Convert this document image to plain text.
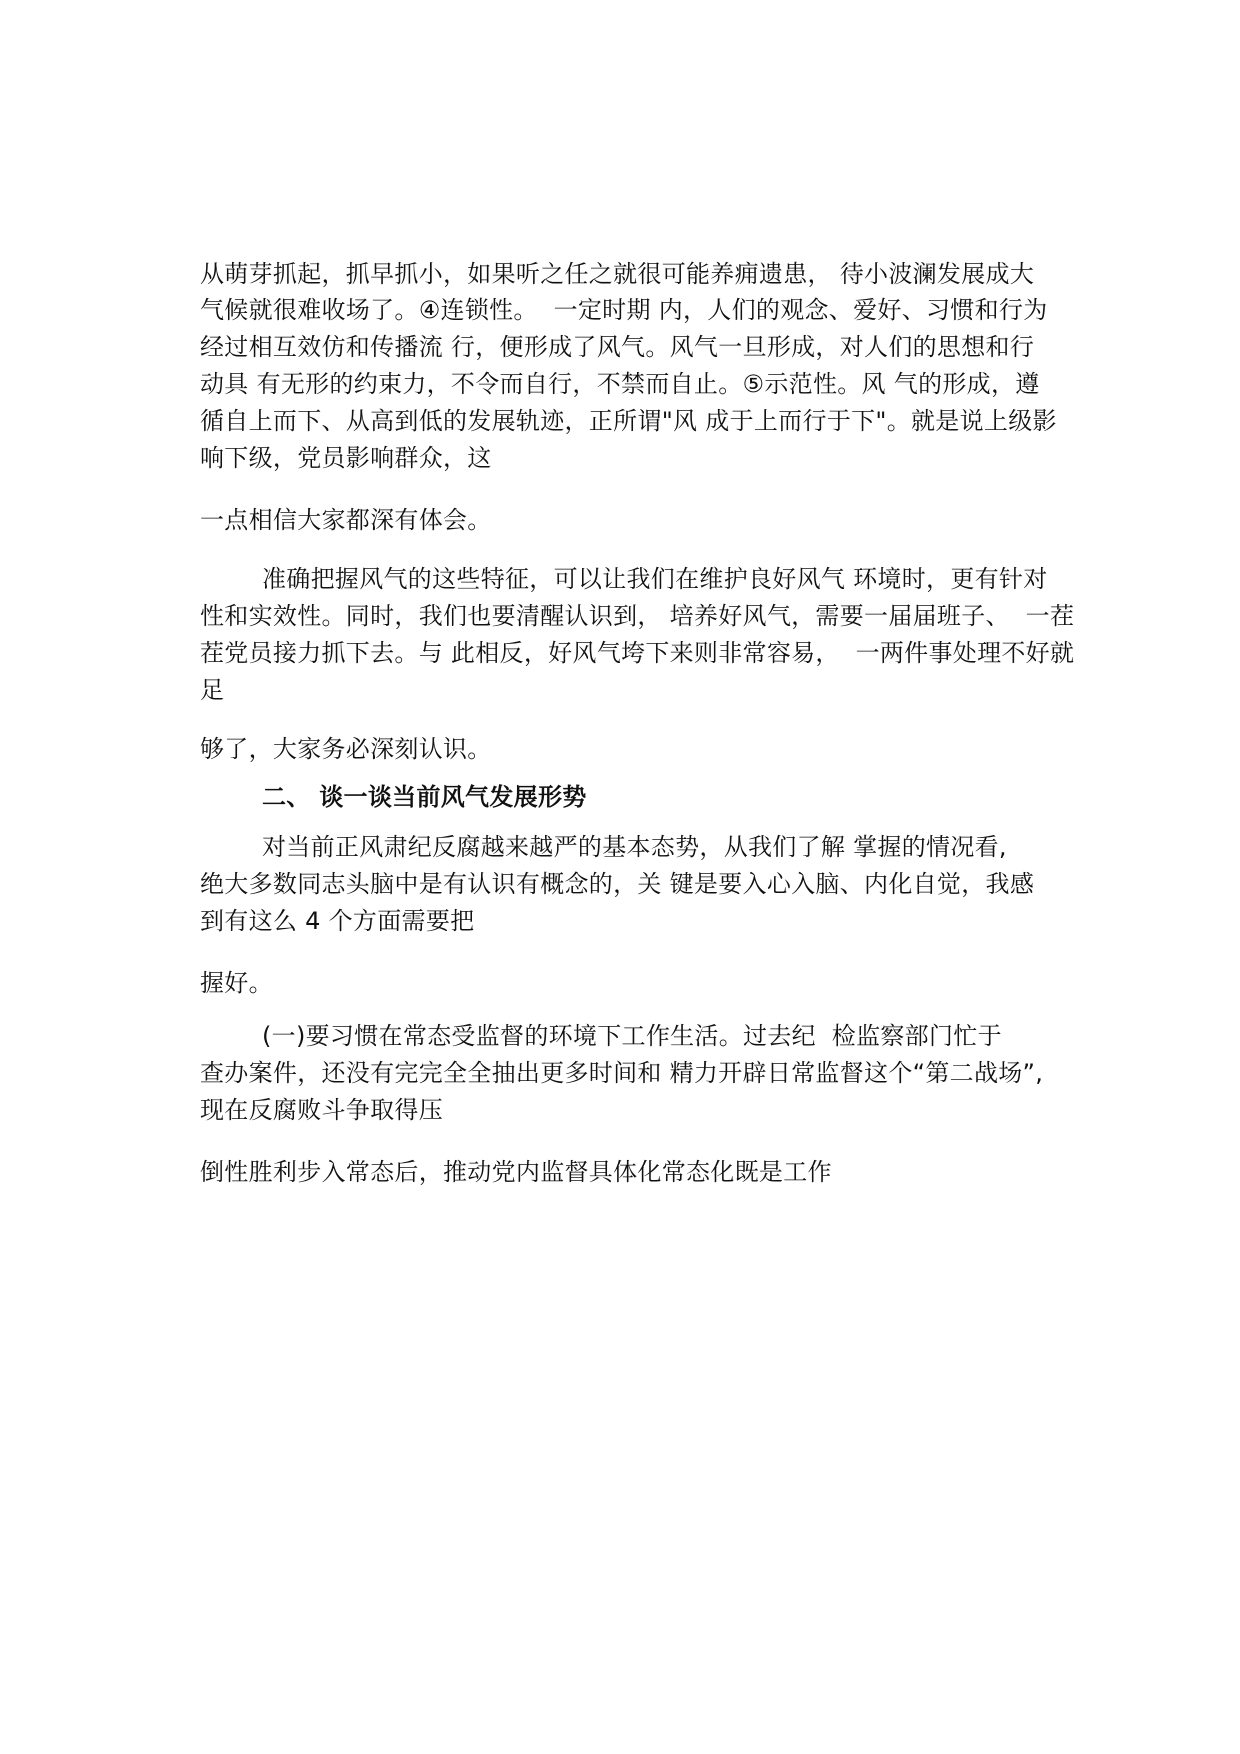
从萌芽抓起，抓早抓小，如果听之任之就很可能养痈遗患， 待小波澜发展成大
气候就很难收场了。④连锁性。  一定时期 内，人们的观念、爱好、习惯和行为
经过相互效仿和传播流 行，便形成了风气。风气一旦形成，对人们的思想和行
动具 有无形的约束力，不令而自行，不禁而自止。⑤示范性。风 气的形成，遵
循自上而下、从高到低的发展轨迹，正所谓"风 成于上而行于下"。就是说上级影
响下级，党员影响群众，这
一点相信大家都深有体会。
准确把握风气的这些特征，可以让我们在维护良好风气 环境时，更有针对
性和实效性。同时，我们也要清醒认识到， 培养好风气，需要一届届班子、  一茬
茬党员接力抓下去。与 此相反，好风气垮下来则非常容易，  一两件事处理不好就
足
够了，大家务必深刻认识。
二、 谈一谈当前风气发展形势
对当前正风肃纪反腐越来越严的基本态势，从我们了解 掌握的情况看,
绝大多数同志头脑中是有认识有概念的，关 键是要入心入脑、内化自觉，我感
到有这么 4 个方面需要把
握好。
(一)要习惯在常态受监督的环境下工作生活。过去纪  检监察部门忙于
查办案件，还没有完完全全抽出更多时间和 精力开辟日常监督这个“第二战场”,
现在反腐败斗争取得压
倒性胜利步入常态后，推动党内监督具体化常态化既是工作
